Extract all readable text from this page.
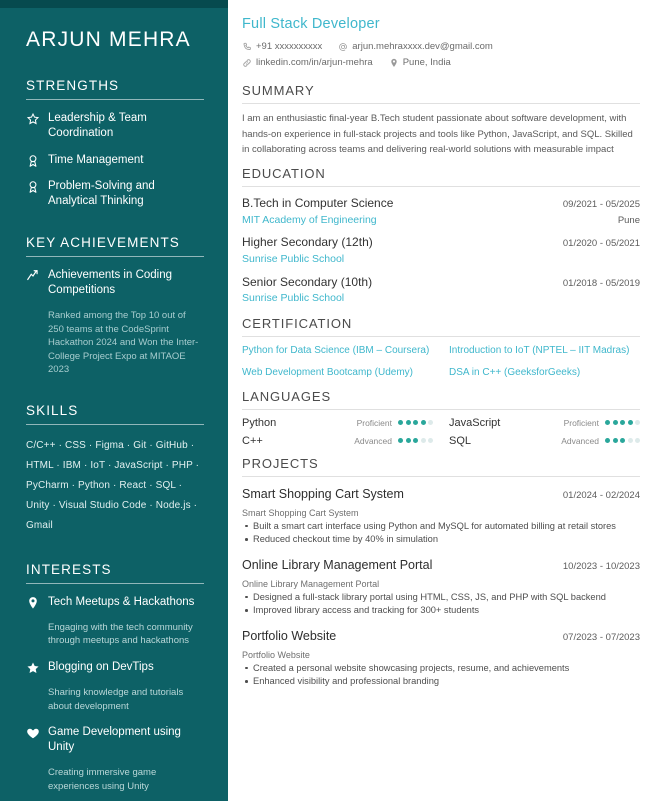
ARJUN MEHRA
STRENGTHS
Leadership & Team Coordination
Time Management
Problem-Solving and Analytical Thinking
KEY ACHIEVEMENTS
Achievements in Coding Competitions
Ranked among the Top 10 out of 250 teams at the CodeSprint Hackathon 2024 and Won the Inter-College Project Expo at MITAOE 2023
SKILLS
C/C++ · CSS · Figma · Git · GitHub · HTML · IBM · IoT · JavaScript · PHP · PyCharm · Python · React · SQL · Unity · Visual Studio Code · Node.js · Gmail
INTERESTS
Tech Meetups & Hackathons
Engaging with the tech community through meetups and hackathons
Blogging on DevTips
Sharing knowledge and tutorials about development
Game Development using Unity
Creating immersive game experiences using Unity
Full Stack Developer
+91 xxxxxxxxxx	arjun.mehraxxxx.dev@gmail.com
linkedin.com/in/arjun-mehra	Pune, India
SUMMARY

I am an enthusiastic final-year B.Tech student passionate about software development, with hands-on experience in full-stack projects and tools like Python, JavaScript, and SQL. Skilled in collaborating across teams and delivering real-world solutions with measurable impact

EDUCATION
B.Tech in Computer Science	09/2021 - 05/2025
MIT Academy of Engineering	Pune
Higher Secondary (12th)	01/2020 - 05/2021
Sunrise Public School
Senior Secondary (10th)	01/2018 - 05/2019
Sunrise Public School
CERTIFICATION
Python for Data Science (IBM – Coursera)	Introduction to IoT (NPTEL – IIT Madras)
Web Development Bootcamp (Udemy)	DSA in C++ (GeeksforGeeks)
LANGUAGES
Python	Proficient	JavaScript	Proficient
C++	Advanced	SQL	Advanced
PROJECTS
Smart Shopping Cart System	01/2024 - 02/2024
Smart Shopping Cart System
Built a smart cart interface using Python and MySQL for automated billing at retail stores
Reduced checkout time by 40% in simulation
Online Library Management Portal	10/2023 - 10/2023
Online Library Management Portal
Designed a full-stack library portal using HTML, CSS, JS, and PHP with SQL backend
Improved library access and tracking for 300+ students
Portfolio Website	07/2023 - 07/2023
Portfolio Website
Created a personal website showcasing projects, resume, and achievements
Enhanced visibility and professional branding
